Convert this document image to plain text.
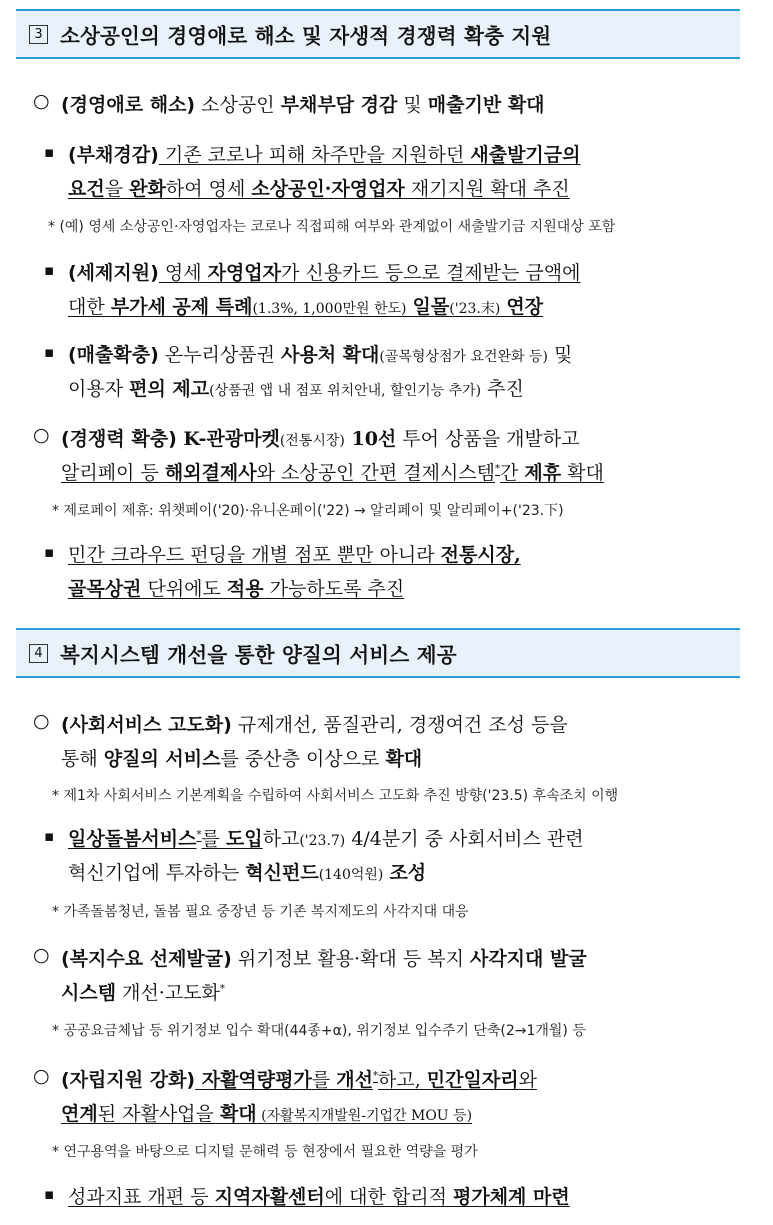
3 소상공인의 경영애로 해소 및 자생적 경쟁력 확충 지원
○ (경영애로 해소) 소상공인 부채부담 경감 및 매출기반 확대
▪ (부채경감) 기존 코로나 피해 차주만을 지원하던 새출발기금의
요건을 완화하여 영세 소상공인·자영업자 재기지원 확대 추진
* (예) 영세 소상공인·자영업자는 코로나 직접피해 여부와 관계없이 새출발기금 지원대상 포함
▪ (세제지원) 영세 자영업자가 신용카드 등으로 결제받는 금액에
대한 부가세 공제 특례(1.3%, 1,000만원 한도) 일몰('23.末) 연장
▪ (매출확충) 온누리상품권 사용처 확대(골목형상점가 요건완화 등) 및
이용자 편의 제고(상품권 앱 내 점포 위치안내, 할인기능 추가) 추진
○ (경쟁력 확충) K-관광마켓(전통시장) 10선 투어 상품을 개발하고
알리페이 등 해외결제사와 소상공인 간편 결제시스템*간 제휴 확대
* 제로페이 제휴: 위챗페이('20)·유니온페이('22) → 알리페이 및 알리페이+('23.下)
▪ 민간 크라우드 펀딩을 개별 점포 뿐만 아니라 전통시장,
골목상권 단위에도 적용 가능하도록 추진
4 복지시스템 개선을 통한 양질의 서비스 제공
○ (사회서비스 고도화) 규제개선, 품질관리, 경쟁여건 조성 등을
통해 양질의 서비스를 중산층 이상으로 확대
* 제1차 사회서비스 기본계획을 수립하여 사회서비스 고도화 추진 방향('23.5) 후속조치 이행
▪ 일상돌봄서비스*를 도입하고('23.7) 4/4분기 중 사회서비스 관련
혁신기업에 투자하는 혁신펀드(140억원) 조성
* 가족돌봄청년, 돌봄 필요 중장년 등 기존 복지제도의 사각지대 대응
○ (복지수요 선제발굴) 위기정보 활용·확대 등 복지 사각지대 발굴
시스템 개선·고도화*
* 공공요금체납 등 위기정보 입수 확대(44종+α), 위기정보 입수주기 단축(2→1개월) 등
○ (자립지원 강화) 자활역량평가를 개선*하고, 민간일자리와
연계된 자활사업을 확대 (자활복지개발원-기업간 MOU 등)
* 연구용역을 바탕으로 디지털 문해력 등 현장에서 필요한 역량을 평가
▪ 성과지표 개편 등 지역자활센터에 대한 합리적 평가체계 마련
